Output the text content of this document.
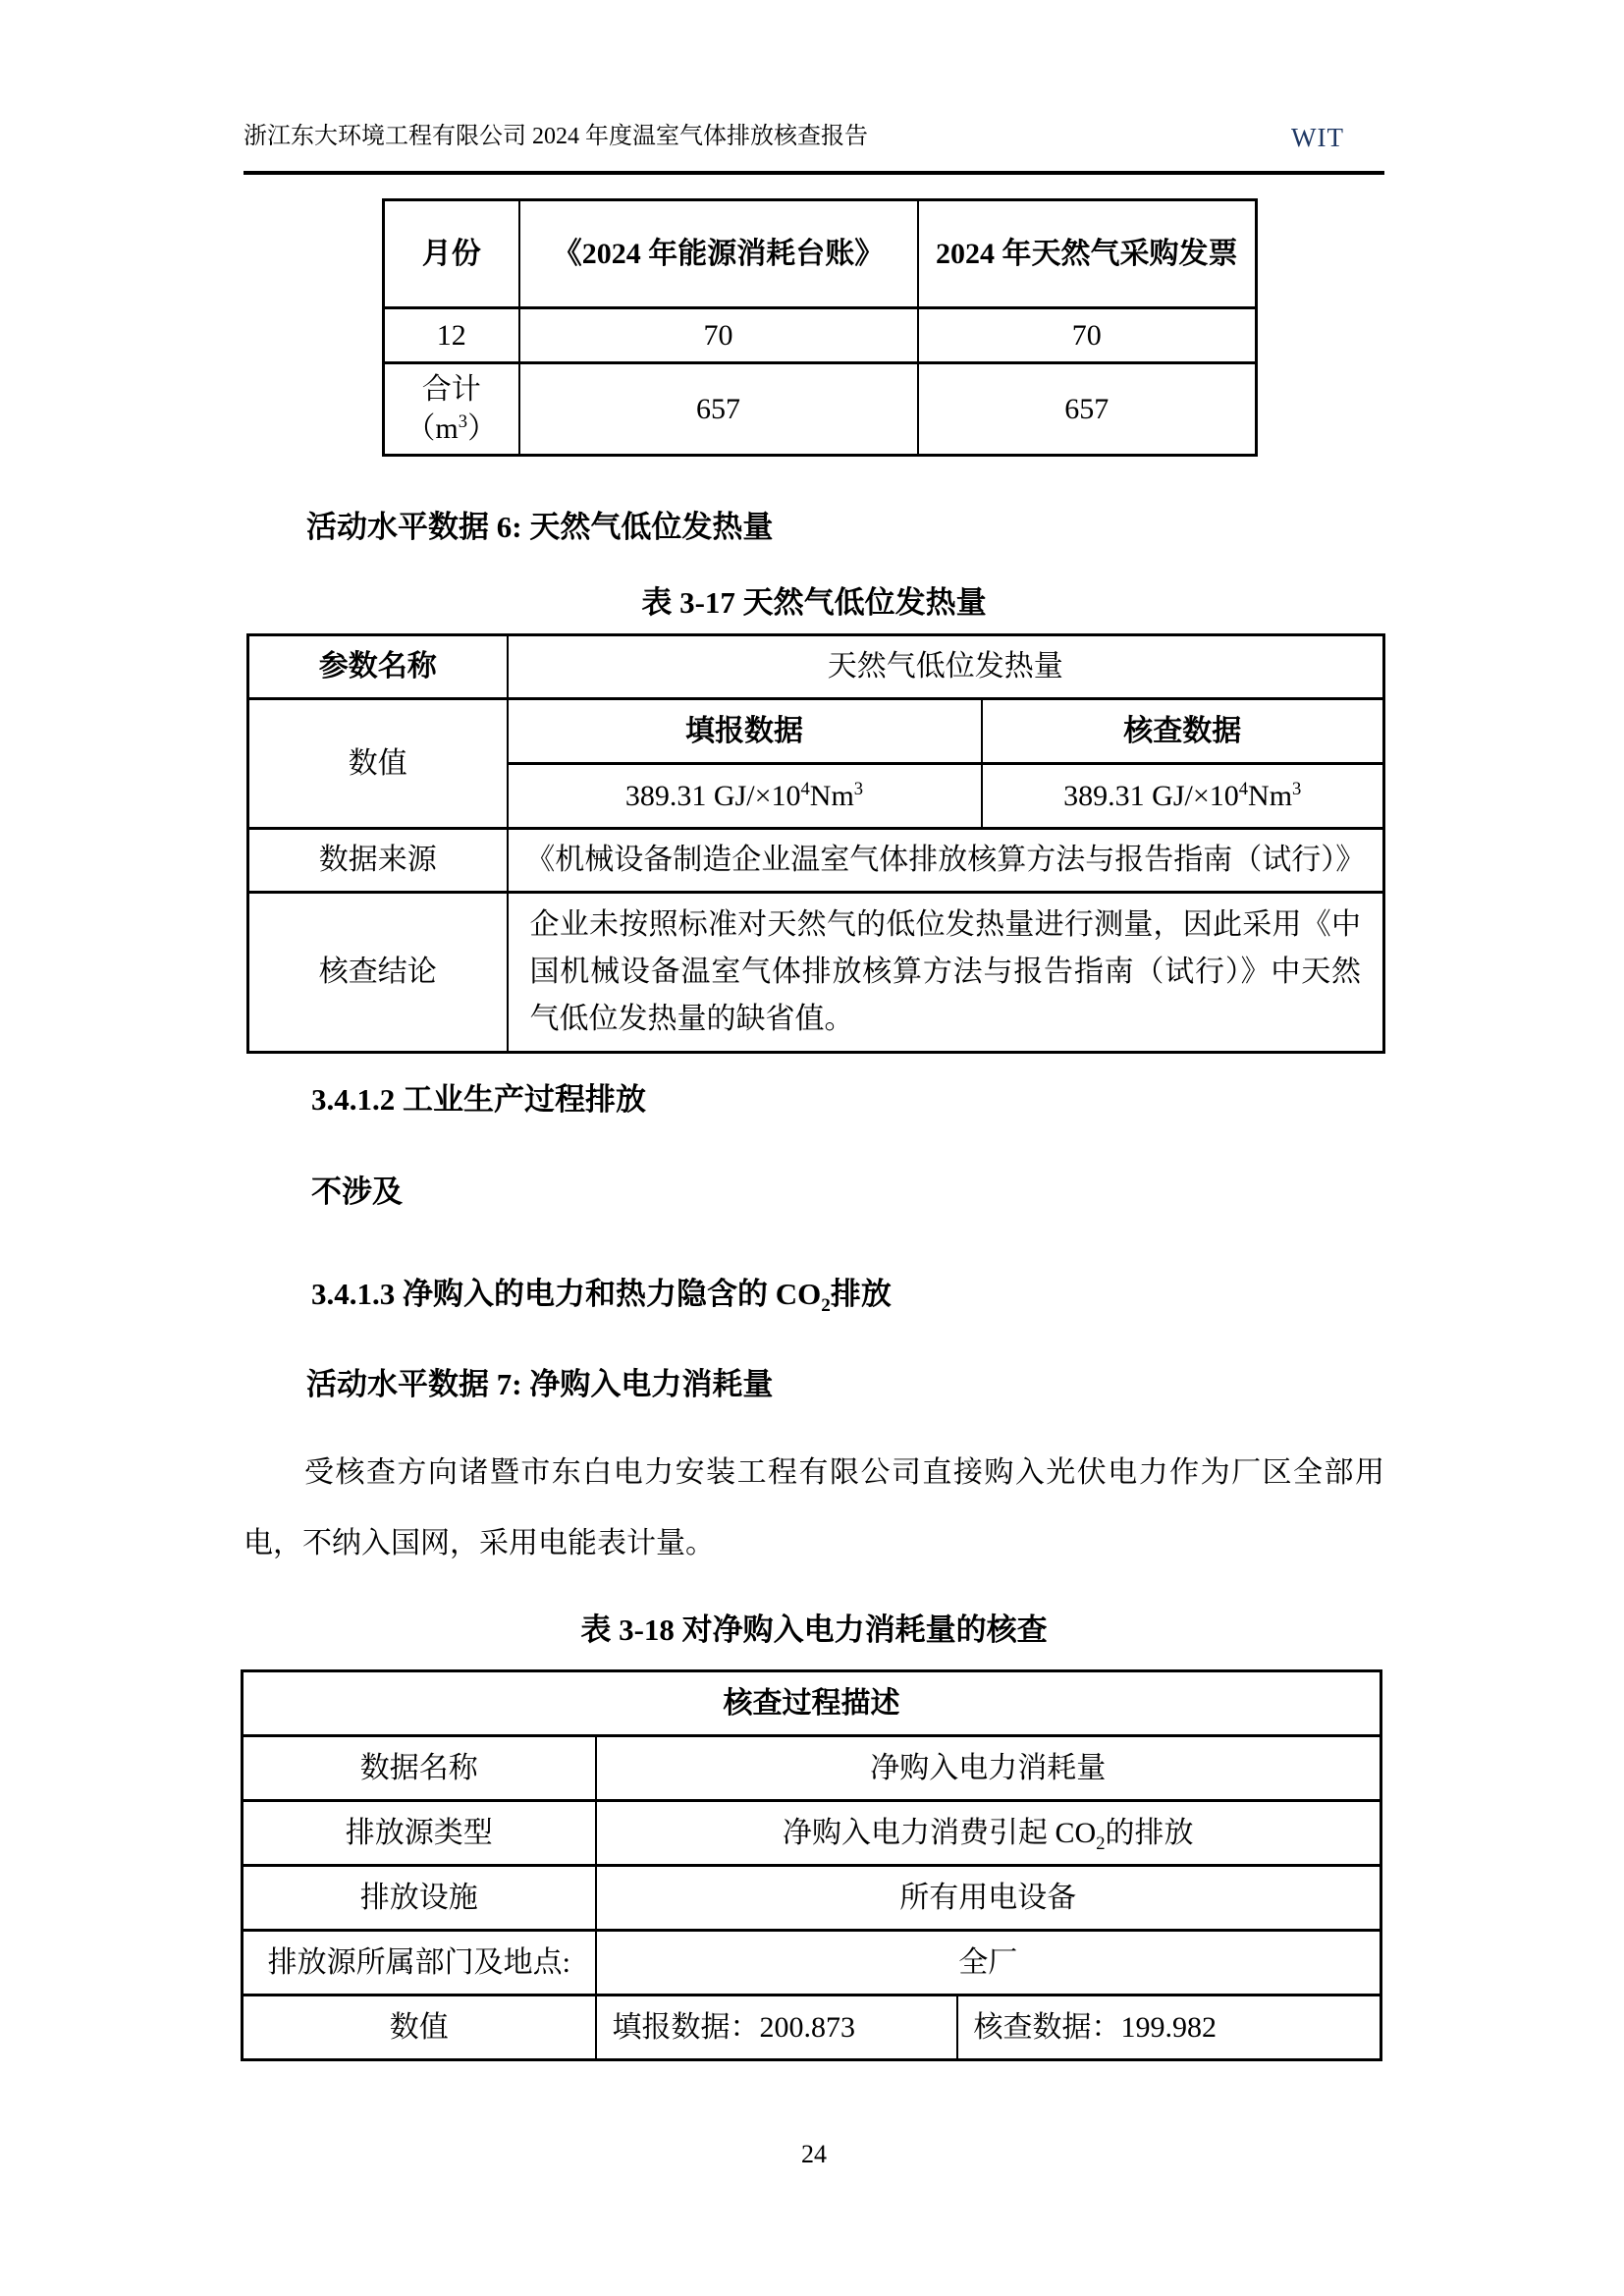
浙江东大环境工程有限公司 2024 年度温室气体排放核查报告	WIT
月份	《2024 年能源消耗台账》	2024 年天然气采购发票
12	70	70

合计
$(m^3)$	657	657
活动水平数据 6: 天然气低位发热量
表 3-17 天然气低位发热量
参数名称	天然气低位发热量	
数值	填报数据	核查数据
	389.31 $GJ/\times 10^4Nm^3$	389.31 $GJ/\times 10^4Nm^3$
数据来源	《机械设备制造企业温室气体排放核算方法与报告指南（试行）》	
核查结论	企业未按照标准对天然气的低位发热量进行测量，因此采用《中国机械设备温室气体排放核算方法与报告指南（试行）》中天然气低位发热量的缺省值。	
3.4.1.2 工业生产过程排放
不涉及
3.4.1.3 净购入的电力和热力隐含的 $CO_2$排放
活动水平数据 7: 净购入电力消耗量
受核查方向诸暨市东白电力安装工程有限公司直接购入光伏电力作为厂区全部用电，不纳入国网，采用电能表计量。
表 3-18 对净购入电力消耗量的核查
核查过程描述		
数据名称	净购入电力消耗量	
排放源类型	净购入电力消费引起 $CO_2$的排放	
排放设施	所有用电设备	
排放源所属部门及地点:	全厂	
数值	填报数据：200.873	核查数据：199.982
24
